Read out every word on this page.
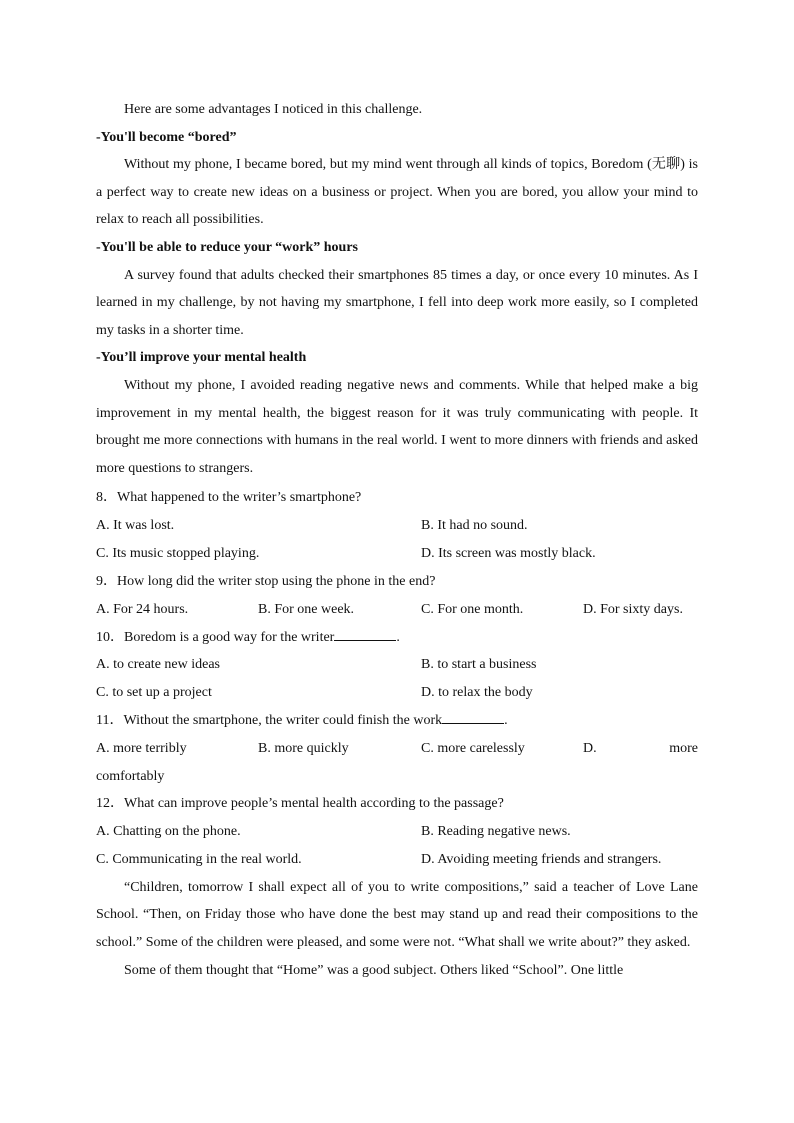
Here are some advantages I noticed in this challenge.

-You'll become “bored”

Without my phone, I became bored, but my mind went through all kinds of topics, Boredom (无聊) is a perfect way to create new ideas on a business or project. When you are bored, you allow your mind to relax to reach all possibilities.

-You'll be able to reduce your “work” hours

A survey found that adults checked their smartphones 85 times a day, or once every 10 minutes. As I learned in my challenge, by not having my smartphone, I fell into deep work more easily, so I completed my tasks in a shorter time.

-You’ll improve your mental health

Without my phone, I avoided reading negative news and comments. While that helped make a big improvement in my mental health, the biggest reason for it was truly communicating with people. It brought me more connections with humans in the real world. I went to more dinners with friends and asked more questions to strangers.

8．What happened to the writer’s smartphone?
A. It was lost.	B. It had no sound.
C. Its music stopped playing.	D. Its screen was mostly black.
9．How long did the writer stop using the phone in the end?
A. For 24 hours.	B. For one week.	C. For one month.	D. For sixty days.
10．Boredom is a good way for the writer	.
A. to create new ideas	B. to start a business
C. to set up a project	D. to relax the body
11．Without the smartphone, the writer could finish the work	.
A. more terribly	B. more quickly	C. more carelessly	D.	more
comfortably
12．What can improve people’s mental health according to the passage?
A. Chatting on the phone.	B. Reading negative news.
C. Communicating in the real world.	D. Avoiding meeting friends and strangers.

“Children, tomorrow I shall expect all of you to write compositions,” said a teacher of Love Lane School. “Then, on Friday those who have done the best may stand up and read their compositions to the school.” Some of the children were pleased, and some were not. “What shall we write about?” they asked.

Some of them thought that “Home” was a good subject. Others liked “School”. One little
